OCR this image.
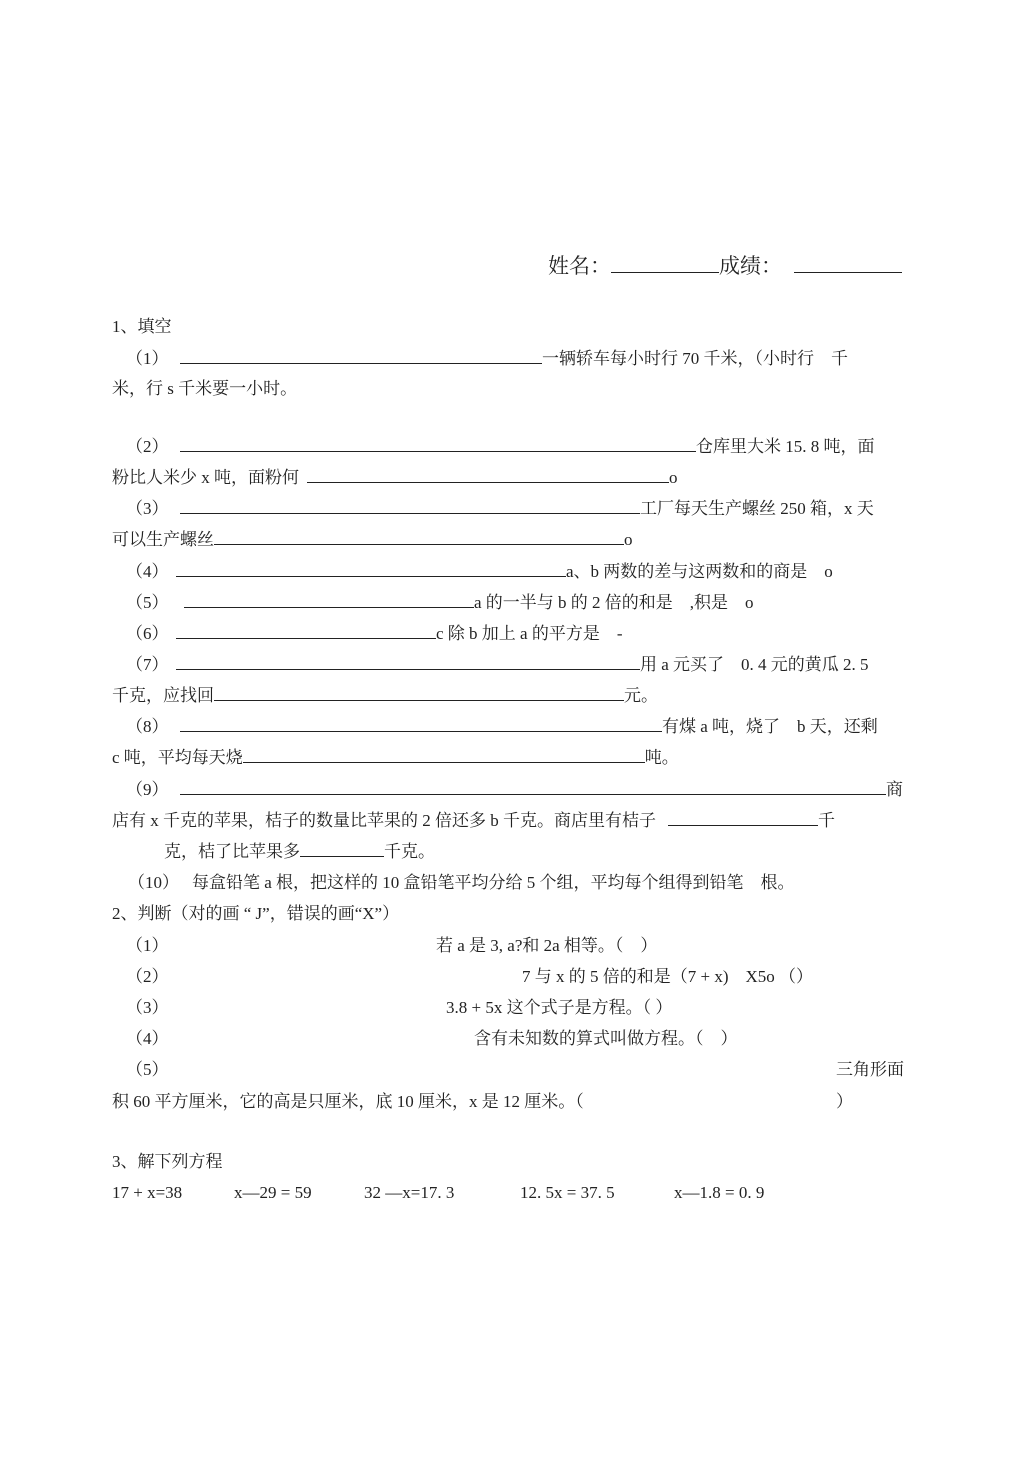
姓名：	成绩：
1、填空
（1）	一辆轿车每小时行 70 千米，（小时行　千
米，行 s 千米要一小时。
（2）	仓库里大米 15. 8 吨，面
粉比人米少 x 吨，面粉何	o
（3）	工厂每天生产螺丝 250 箱，x 天
可以生产螺丝	o
（4）	a、b 两数的差与这两数和的商是　o
（5）	a 的一半与 b 的 2 倍的和是　,积是　o
（6）	c 除 b 加上 a 的平方是　-
（7）	用 a 元买了　0. 4 元的黄瓜 2. 5
千克，应找回	元。
（8）	有煤 a 吨，烧了　b 天，还剩
c 吨，平均每天烧	吨。
（9）	商
店有 x 千克的苹果，桔子的数量比苹果的 2 倍还多 b 千克。商店里有桔子	千
克，桔了比苹果多	千克。
（10） 每盒铅笔 a 根，把这样的 10 盒铅笔平均分给 5 个组，平均每个组得到铅笔　根。
2、判断（对的画 “ J”，错误的画“X”）
（1）	若 a 是 3, a?和 2a 相等。（　）
（2）	7 与 x 的 5 倍的和是（7 + x)　X5o （）
（3）	3.8 + 5x 这个式子是方程。（ ）
（4）	含有未知数的算式叫做方程。（　）
（5）	三角形面
积 60 平方厘米，它的高是只厘米，底 10 厘米，x 是 12 厘米。（	）
3、解下列方程
17 + x=38	x—29 = 59	32 —x=17. 3	12. 5x = 37. 5	x—1.8 = 0. 9
